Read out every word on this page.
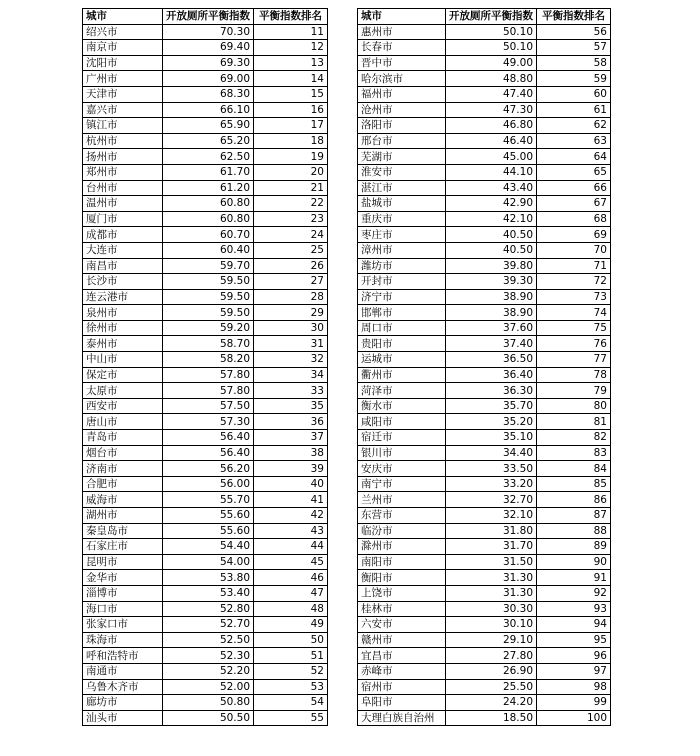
城市	开放厕所平衡指数	平衡指数排名
绍兴市	70.30	11
南京市	69.40	12
沈阳市	69.30	13
广州市	69.00	14
天津市	68.30	15
嘉兴市	66.10	16
镇江市	65.90	17
杭州市	65.20	18
扬州市	62.50	19
郑州市	61.70	20
台州市	61.20	21
温州市	60.80	22
厦门市	60.80	23
成都市	60.70	24
大连市	60.40	25
南昌市	59.70	26
长沙市	59.50	27
连云港市	59.50	28
泉州市	59.50	29
徐州市	59.20	30
泰州市	58.70	31
中山市	58.20	32
保定市	57.80	34
太原市	57.80	33
西安市	57.50	35
唐山市	57.30	36
青岛市	56.40	37
烟台市	56.40	38
济南市	56.20	39
合肥市	56.00	40
威海市	55.70	41
湖州市	55.60	42
秦皇岛市	55.60	43
石家庄市	54.40	44
昆明市	54.00	45
金华市	53.80	46
淄博市	53.40	47
海口市	52.80	48
张家口市	52.70	49
珠海市	52.50	50
呼和浩特市	52.30	51
南通市	52.20	52
乌鲁木齐市	52.00	53
廊坊市	50.80	54
汕头市	50.50	55
城市	开放厕所平衡指数	平衡指数排名
惠州市	50.10	56
长春市	50.10	57
晋中市	49.00	58
哈尔滨市	48.80	59
福州市	47.40	60
沧州市	47.30	61
洛阳市	46.80	62
邢台市	46.40	63
芜湖市	45.00	64
淮安市	44.10	65
湛江市	43.40	66
盐城市	42.90	67
重庆市	42.10	68
枣庄市	40.50	69
漳州市	40.50	70
潍坊市	39.80	71
开封市	39.30	72
济宁市	38.90	73
邯郸市	38.90	74
周口市	37.60	75
贵阳市	37.40	76
运城市	36.50	77
衢州市	36.40	78
菏泽市	36.30	79
衡水市	35.70	80
咸阳市	35.20	81
宿迁市	35.10	82
银川市	34.40	83
安庆市	33.50	84
南宁市	33.20	85
兰州市	32.70	86
东营市	32.10	87
临汾市	31.80	88
滁州市	31.70	89
南阳市	31.50	90
衡阳市	31.30	91
上饶市	31.30	92
桂林市	30.30	93
六安市	30.10	94
赣州市	29.10	95
宜昌市	27.80	96
赤峰市	26.90	97
宿州市	25.50	98
阜阳市	24.20	99
大理白族自治州	18.50	100
